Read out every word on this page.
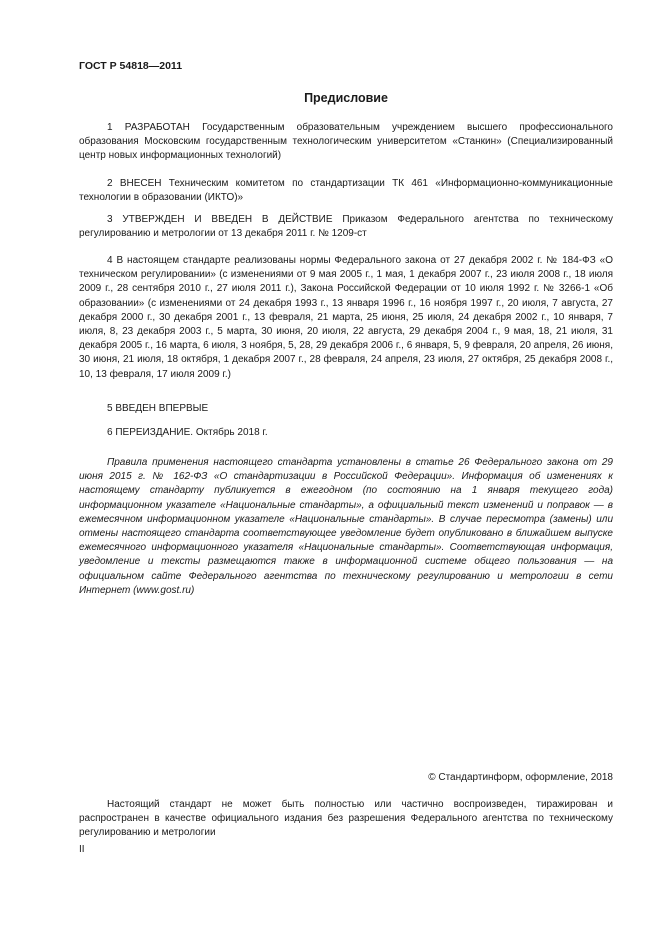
ГОСТ Р 54818—2011
Предисловие

1 РАЗРАБОТАН Государственным образовательным учреждением высшего профессионального образования Московским государственным технологическим университетом «Станкин» (Специализированный центр новых информационных технологий)

2 ВНЕСЕН Техническим комитетом по стандартизации ТК 461 «Информационно-коммуникационные технологии в образовании (ИКТО)»

3 УТВЕРЖДЕН И ВВЕДЕН В ДЕЙСТВИЕ Приказом Федерального агентства по техническому регулированию и метрологии от 13 декабря 2011 г. № 1209-ст

4 В настоящем стандарте реализованы нормы Федерального закона от 27 декабря 2002 г. № 184-ФЗ «О техническом регулировании» (с изменениями от 9 мая 2005 г., 1 мая, 1 декабря 2007 г., 23 июля 2008 г., 18 июля 2009 г., 28 сентября 2010 г., 27 июля 2011 г.), Закона Российской Федерации от 10 июля 1992 г. № 3266-1 «Об образовании» (с изменениями от 24 декабря 1993 г., 13 января 1996 г., 16 ноября 1997 г., 20 июля, 7 августа, 27 декабря 2000 г., 30 декабря 2001 г., 13 февраля, 21 марта, 25 июня, 25 июля, 24 декабря 2002 г., 10 января, 7 июля, 8, 23 декабря 2003 г., 5 марта, 30 июня, 20 июля, 22 августа, 29 декабря 2004 г., 9 мая, 18, 21 июля, 31 декабря 2005 г., 16 марта, 6 июля, 3 ноября, 5, 28, 29 декабря 2006 г., 6 января, 5, 9 февраля, 20 апреля, 26 июня, 30 июня, 21 июля, 18 октября, 1 декабря 2007 г., 28 февраля, 24 апреля, 23 июля, 27 октября, 25 декабря 2008 г., 10, 13 февраля, 17 июля 2009 г.)

5 ВВЕДЕН ВПЕРВЫЕ

6 ПЕРЕИЗДАНИЕ. Октябрь 2018 г.

Правила применения настоящего стандарта установлены в статье 26 Федерального закона от 29 июня 2015 г. № 162-ФЗ «О стандартизации в Российской Федерации». Информация об изменениях к настоящему стандарту публикуется в ежегодном (по состоянию на 1 января текущего года) информационном указателе «Национальные стандарты», а официальный текст изменений и поправок — в ежемесячном информационном указателе «Национальные стандарты». В случае пересмотра (замены) или отмены настоящего стандарта соответствующее уведомление будет опубликовано в ближайшем выпуске ежемесячного информационного указателя «Национальные стандарты». Соответствующая информация, уведомление и тексты размещаются также в информационной системе общего пользования — на официальном сайте Федерального агентства по техническому регулированию и метрологии в сети Интернет (www.gost.ru)

© Стандартинформ, оформление, 2018

Настоящий стандарт не может быть полностью или частично воспроизведен, тиражирован и распространен в качестве официального издания без разрешения Федерального агентства по техническому регулированию и метрологии

II
